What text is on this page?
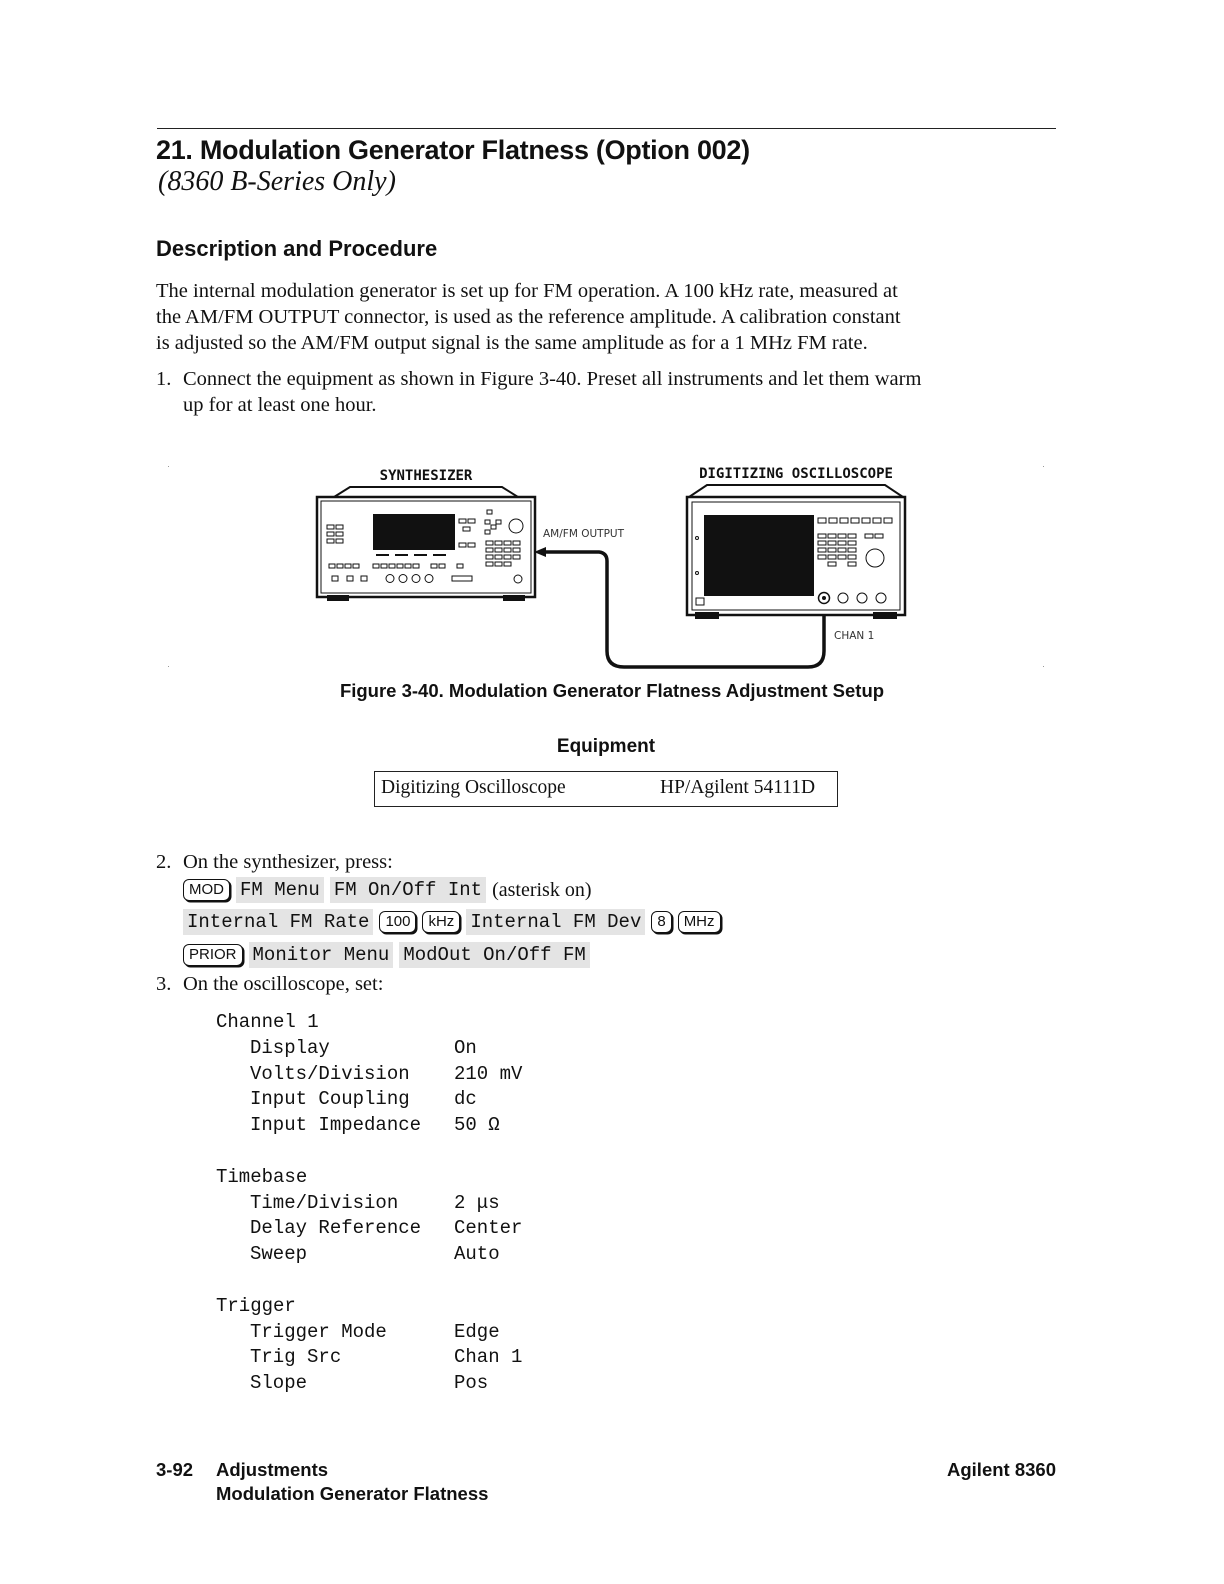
21. Modulation Generator Flatness (Option 002)
(8360 B-Series Only)
Description and Procedure
The internal modulation generator is set up for FM operation. A 100 kHz rate, measured at
the AM/FM OUTPUT connector, is used as the reference amplitude. A calibration constant
is adjusted so the AM/FM output signal is the same amplitude as for a 1 MHz FM rate.
1. Connect the equipment as shown in Figure 3-40. Preset all instruments and let them warm
up for at least one hour.
SYNTHESIZER
AM/FM OUTPUT
DIGITIZING OSCILLOSCOPE
CHAN 1
Figure 3-40. Modulation Generator Flatness Adjustment Setup
Equipment
Digitizing Oscilloscope	HP/Agilent 54111D
2. On the synthesizer, press:
MOD FM Menu FM On/Off Int (asterisk on)
Internal FM Rate	100	kHz Internal FM Dev	8	MHz
PRIOR Monitor Menu ModOut On/Off FM
3. On the oscilloscope, set:
Channel 1
Display	On
Volts/Division 210 mV
Input Coupling dc
Input Impedance 50 Ω
Timebase
Time/Division	2 μs
Delay Reference Center
Sweep	Auto
Trigger
Trigger Mode	Edge
Trig Src	Chan 1
Slope	Pos
3-92 Adjustments
Modulation Generator Flatness
Agilent 8360
